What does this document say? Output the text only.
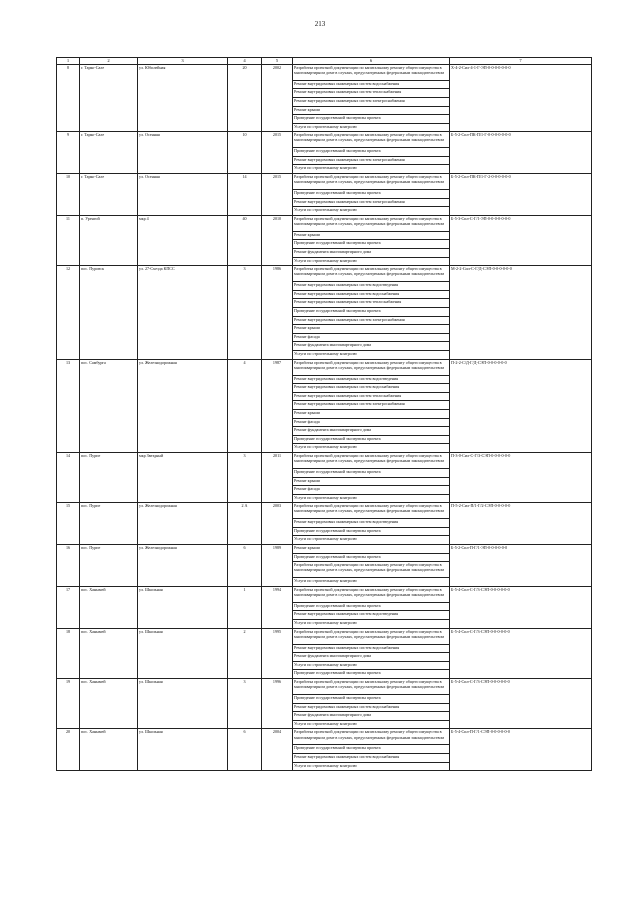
213
1	2	3	4	5	6	7
8	г. Тарко-Сале	ул. Юбилейная	20	2002	Разработка проектной документации по капитальному ремонту общего имущества в многоквартирном доме в случаях, предусмотренных федеральным законодательством	Х-4-2-Сил-4-1-Г-ЭП-0-0-0-0-0-0-0
					Ремонт внутридомовых инженерных систем водоснабжения	
					Ремонт внутридомовых инженерных систем теплоснабжения	
					Ремонт внутридомовых инженерных систем электроснабжения	
					Ремонт крыши	
					Проведение государственной экспертизы проекта	
					Услуги по строительному контролю	
9	г. Тарко-Сале	ул. Осенняя	10	2015	Разработка проектной документации по капитальному ремонту общего имущества в многоквартирном доме в случаях, предусмотренных федеральным законодательством	Б-5-2-Сил-ПК-П/1-Г-0-0-0-0-0-0-0
					Проведение государственной экспертизы проекта	
					Ремонт внутридомовых инженерных систем электроснабжения	
					Услуги по строительному контролю	
10	г. Тарко-Сале	ул. Осенняя	14	2015	Разработка проектной документации по капитальному ремонту общего имущества в многоквартирном доме в случаях, предусмотренных федеральным законодательством	Б-5-2-Сил-ПК-П/1-Г-2-0-0-0-0-0-0
					Проведение государственной экспертизы проекта	
					Ремонт внутридомовых инженерных систем электроснабжения	
					Услуги по строительному контролю	
11	п. Уренгой	мкр 4	40	2010	Разработка проектной документации по капитальному ремонту общего имущества в многоквартирном доме в случаях, предусмотренных федеральным законодательством	Б-5-3-Сил-С-Г/1-ЭП-0-0-0-0-0-0-0
					Ремонт крыши	
					Проведение государственной экспертизы проекта	
					Ремонт фундамента многоквартирного дома	
					Услуги по строительному контролю	
12	пос. Пуровск	ул. 27-Съезда КПСС	3	1986	Разработка проектной документации по капитальному ремонту общего имущества в многоквартирном доме в случаях, предусмотренных федеральным законодательством	М-2-2-Сил-С-Г/Д-СЭП-0-0-0-0-0-0
					Ремонт внутридомовых инженерных систем водоотведения	
					Ремонт внутридомовых инженерных систем водоснабжения	
					Ремонт внутридомовых инженерных систем теплоснабжения	
					Проведение государственной экспертизы проекта	
					Ремонт внутридомовых инженерных систем электроснабжения	
					Ремонт крыши	
					Ремонт фасада	
					Ремонт фундамента многоквартирного дома	
					Услуги по строительному контролю	
13	пос. Самбурга	ул. Железнодорожная	4	1987	Разработка проектной документации по капитальному ремонту общего имущества в многоквартирном доме в случаях, предусмотренных федеральным законодательством	П-2-2-С/Д-Г/Д-СЭП-0-0-0-0-0-0
					Ремонт внутридомовых инженерных систем водоотведения	
					Ремонт внутридомовых инженерных систем водоснабжения	
					Ремонт внутридомовых инженерных систем теплоснабжения	
					Ремонт внутридомовых инженерных систем электроснабжения	
					Ремонт крыши	
					Ремонт фасада	
					Ремонт фундамента многоквартирного дома	
					Проведение государственной экспертизы проекта	
					Услуги по строительному контролю	
14	пос. Пурпе	мкр Звездный	3	2011	Разработка проектной документации по капитальному ремонту общего имущества в многоквартирном доме в случаях, предусмотренных федеральным законодательством	П-3-0-Сил-С-Г/3-СЭП-0-0-0-0-0-0
					Проведение государственной экспертизы проекта	
					Ремонт крыши	
					Ремонт фасада	
					Услуги по строительному контролю	
15	пос. Пурпе	ул. Железнодорожная	2 А	2003	Разработка проектной документации по капитальному ремонту общего имущества в многоквартирном доме в случаях, предусмотренных федеральным законодательством	П-5-2-Сил-П/1-Г/2-СЭП-0-0-0-0-0
					Ремонт внутридомовых инженерных систем водоотведения	
					Проведение государственной экспертизы проекта	
					Услуги по строительному контролю	
16	пос. Пурпе	ул. Железнодорожная	6	1989	Ремонт крыши	Б-5-2-Сил-П-Г/1-ЭП-0-0-0-0-0-0
					Проведение государственной экспертизы проекта	
					Разработка проектной документации по капитальному ремонту общего имущества в многоквартирном доме в случаях, предусмотренных федеральным законодательством	
					Услуги по строительному контролю	
17	пос. Ханымей	ул. Школьная	1	1994	Разработка проектной документации по капитальному ремонту общего имущества в многоквартирном доме в случаях, предусмотренных федеральным законодательством	Б-5-4-Сил-С-Г/3-СЭП-0-0-0-0-0-0
					Проведение государственной экспертизы проекта	
					Ремонт внутридомовых инженерных систем водоотведения	
					Услуги по строительному контролю	
18	пос. Ханымей	ул. Школьная	2	1995	Разработка проектной документации по капитальному ремонту общего имущества в многоквартирном доме в случаях, предусмотренных федеральным законодательством	Б-5-4-Сил-С-Г/3-СЭП-0-0-0-0-0-0
					Ремонт внутридомовых инженерных систем водоснабжения	
					Ремонт фундамента многоквартирного дома	
					Услуги по строительному контролю	
					Проведение государственной экспертизы проекта	
19	пос. Ханымей	ул. Школьная	3	1996	Разработка проектной документации по капитальному ремонту общего имущества в многоквартирном доме в случаях, предусмотренных федеральным законодательством	Б-5-4-Сил-С-Г/3-СЭП-0-0-0-0-0-0
					Проведение государственной экспертизы проекта	
					Ремонт внутридомовых инженерных систем водоснабжения	
					Ремонт фундамента многоквартирного дома	
					Услуги по строительному контролю	
20	пос. Ханымей	ул. Школьная	6	2004	Разработка проектной документации по капитальному ремонту общего имущества в многоквартирном доме в случаях, предусмотренных федеральным законодательством	Б-5-4-Сил-П-Г/1-СЭП-0-0-0-0-0-0
					Проведение государственной экспертизы проекта	
					Ремонт внутридомовых инженерных систем водоснабжения	
					Услуги по строительному контролю	
